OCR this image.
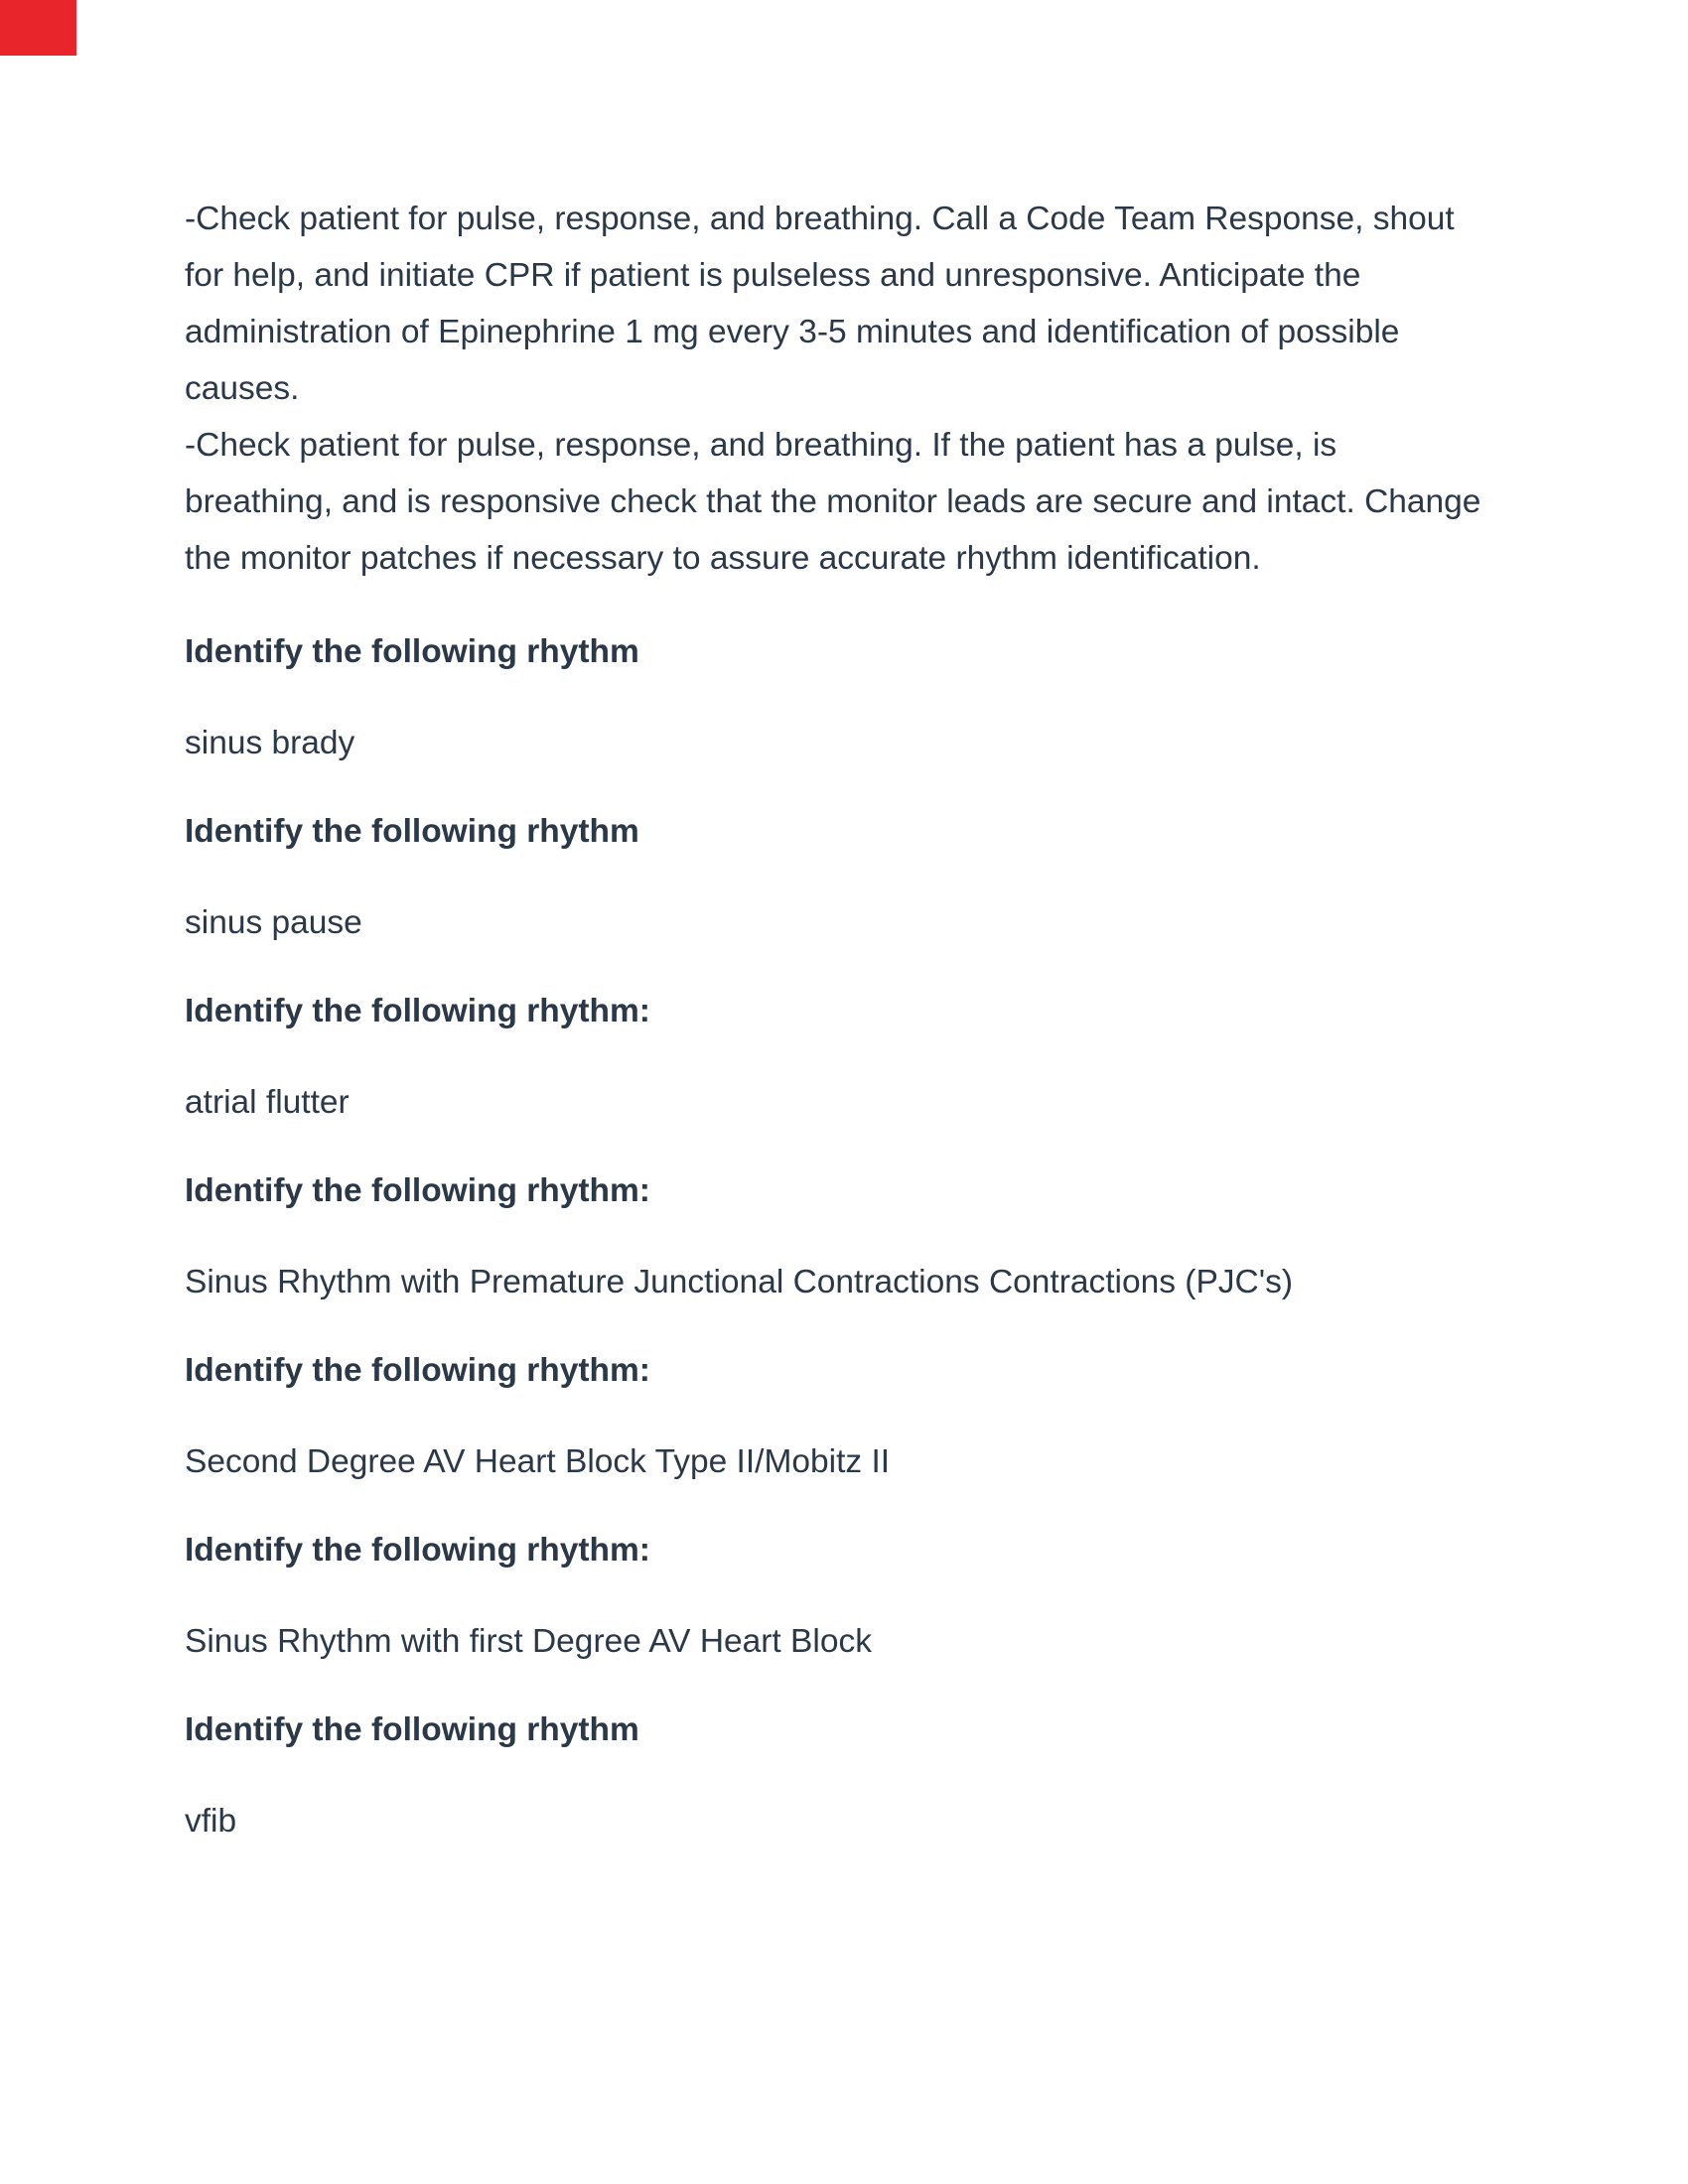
-Check patient for pulse, response, and breathing. Call a Code Team Response, shout
for help, and initiate CPR if patient is pulseless and unresponsive. Anticipate the
administration of Epinephrine 1 mg every 3-5 minutes and identification of possible
causes.
-Check patient for pulse, response, and breathing. If the patient has a pulse, is
breathing, and is responsive check that the monitor leads are secure and intact. Change
the monitor patches if necessary to assure accurate rhythm identification.

Identify the following rhythm

sinus brady

Identify the following rhythm

sinus pause

Identify the following rhythm:

atrial flutter

Identify the following rhythm:

Sinus Rhythm with Premature Junctional Contractions Contractions (PJC's)

Identify the following rhythm:

Second Degree AV Heart Block Type II/Mobitz II

Identify the following rhythm:

Sinus Rhythm with first Degree AV Heart Block

Identify the following rhythm

vfib
